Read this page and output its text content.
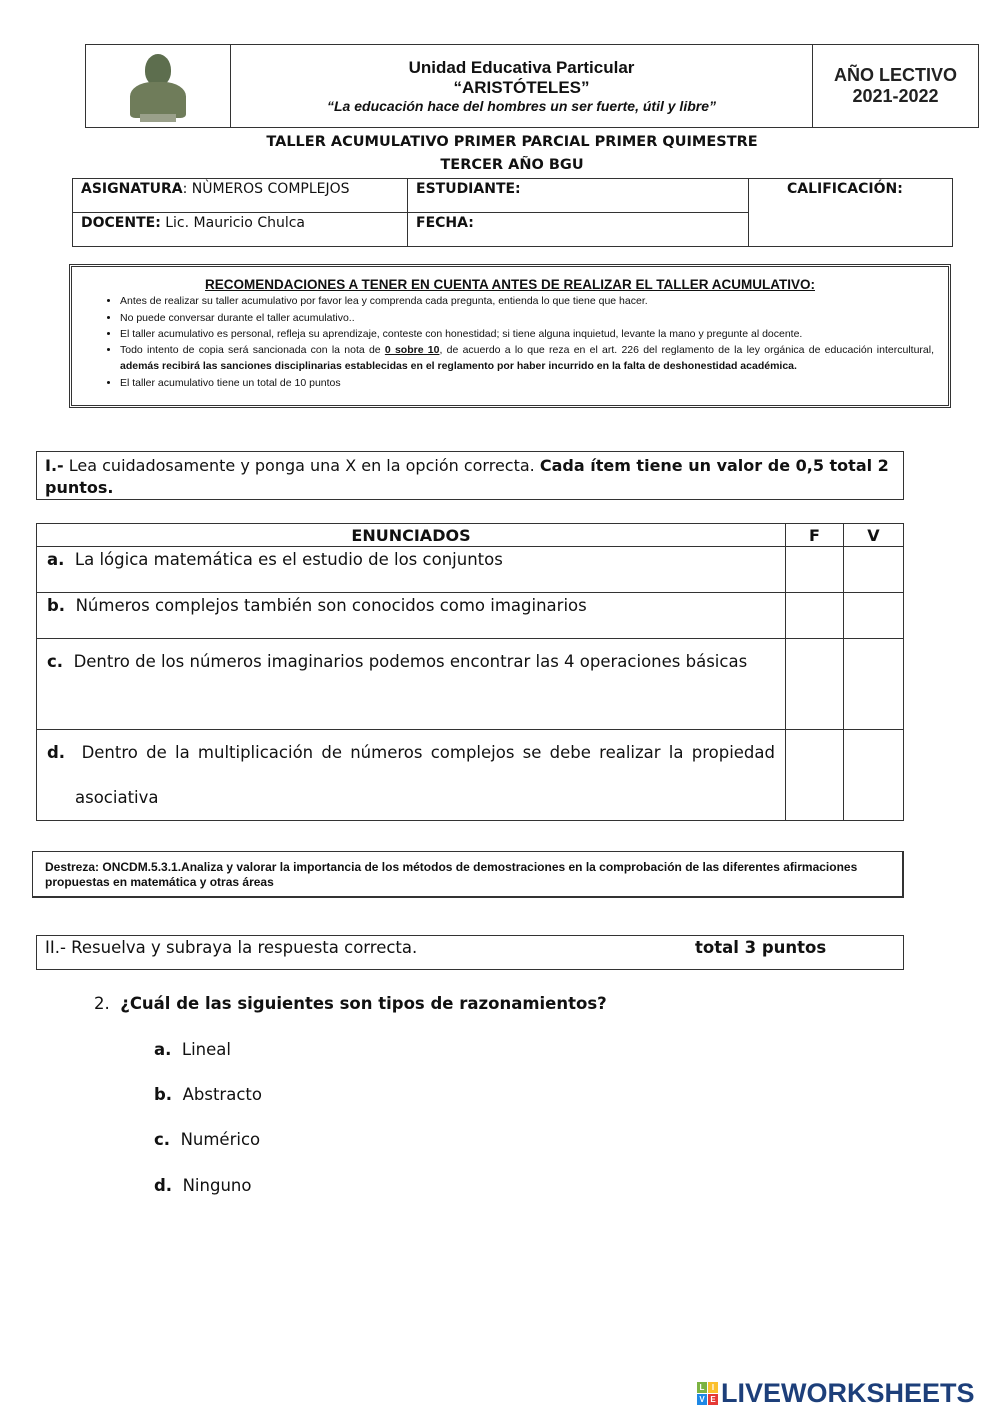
Unidad Educativa Particular
“ARISTÓTELES”
“La educación hace del hombres un ser fuerte, útil y libre”

AÑO LECTIVO
2021-2022
TALLER ACUMULATIVO PRIMER PARCIAL PRIMER QUIMESTRE
TERCER AÑO BGU
ASIGNATURA: NÙMEROS COMPLEJOS	ESTUDIANTE:	CALIFICACIÓN:
DOCENTE: Lic. Mauricio Chulca	FECHA:	
RECOMENDACIONES A TENER EN CUENTA ANTES DE REALIZAR EL TALLER ACUMULATIVO:
• Antes de realizar su taller acumulativo por favor lea y comprenda cada pregunta, entienda lo que tiene que hacer.
• No puede conversar durante el taller acumulativo..
• El taller acumulativo es personal, refleja su aprendizaje, conteste con honestidad; si tiene alguna inquietud, levante la mano y pregunte al docente.
• Todo intento de copia será sancionada con la nota de 0 sobre 10, de acuerdo a lo que reza en el art. 226 del reglamento de la ley orgánica de educación intercultural, además recibirá las sanciones disciplinarias establecidas en el reglamento por haber incurrido en la falta de deshonestidad académica.
• El taller acumulativo tiene un total de 10 puntos
I.- Lea cuidadosamente y ponga una X en la opción correcta. Cada ítem tiene un valor de 0,5 total 2 puntos.
ENUNCIADOS	F	V
a. La lógica matemática es el estudio de los conjuntos		
b. Números complejos también son conocidos como imaginarios		
c. Dentro de los números imaginarios podemos encontrar las 4 operaciones básicas		
d. Dentro de la multiplicación de números complejos se debe realizar la propiedad asociativa		
Destreza: ONCDM.5.3.1.Analiza y valorar la importancia de los métodos de demostraciones en la comprobación de las diferentes afirmaciones propuestas en matemática y otras áreas
II.- Resuelva y subraya la respuesta correcta.	total 3 puntos
2. ¿Cuál de las siguientes son tipos de razonamientos?
a. Lineal
b. Abstracto
c. Numérico
d. Ninguno
L I
V E LIVEWORKSHEETS
